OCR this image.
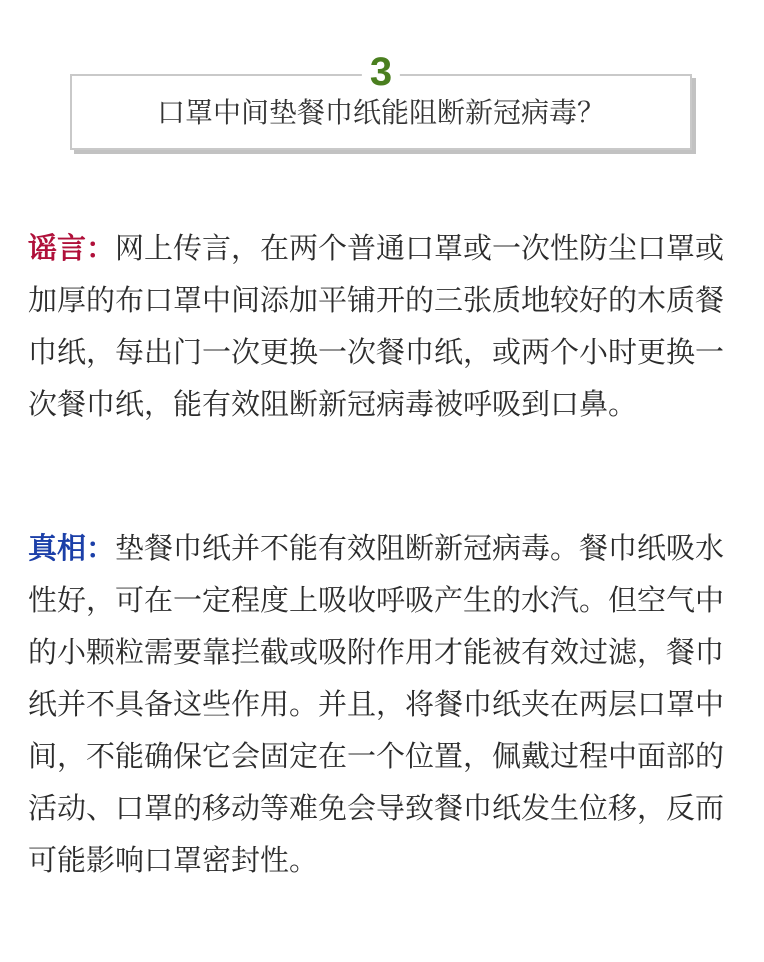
3
口罩中间垫餐巾纸能阻断新冠病毒？

谣言：网上传言，在两个普通口罩或一次性防尘口罩或加厚的布口罩中间添加平铺开的三张质地较好的木质餐巾纸，每出门一次更换一次餐巾纸，或两个小时更换一次餐巾纸，能有效阻断新冠病毒被呼吸到口鼻。

真相：垫餐巾纸并不能有效阻断新冠病毒。餐巾纸吸水性好，可在一定程度上吸收呼吸产生的水汽。但空气中的小颗粒需要靠拦截或吸附作用才能被有效过滤，餐巾纸并不具备这些作用。并且，将餐巾纸夹在两层口罩中间，不能确保它会固定在一个位置，佩戴过程中面部的活动、口罩的移动等难免会导致餐巾纸发生位移，反而可能影响口罩密封性。
